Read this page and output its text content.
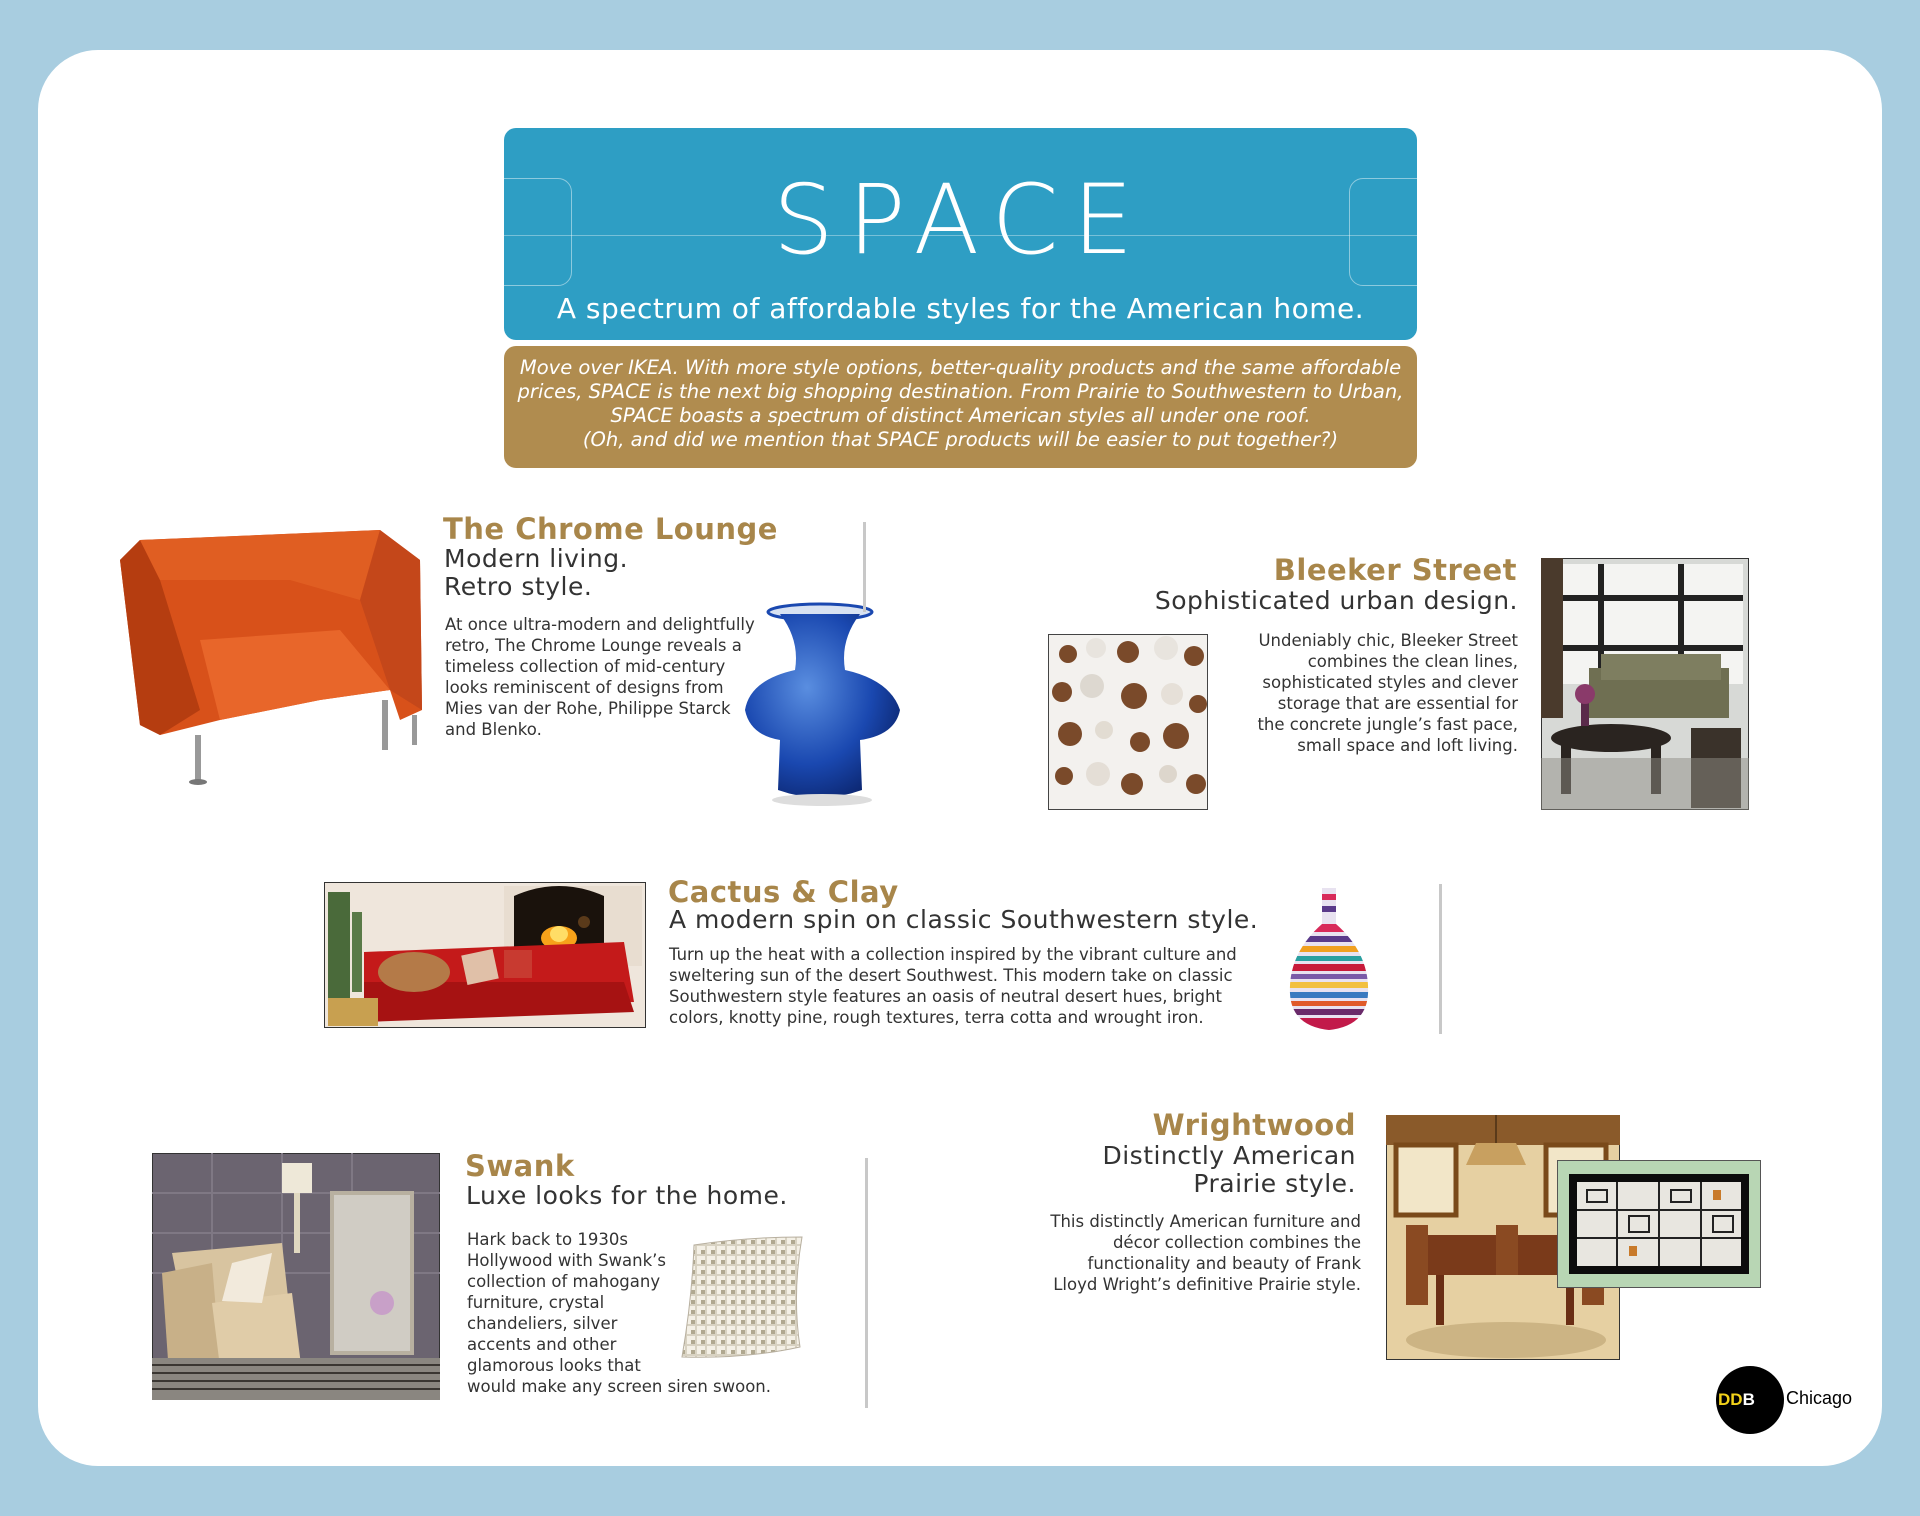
SPACE
A spectrum of affordable styles for the American home.
Move over IKEA. With more style options, better-quality products and the same affordable
prices, SPACE is the next big shopping destination. From Prairie to Southwestern to Urban,
SPACE boasts a spectrum of distinct American styles all under one roof.
(Oh, and did we mention that SPACE products will be easier to put together?)
The Chrome Lounge
Modern living.
Retro style.
At once ultra-modern and delightfully
retro, The Chrome Lounge reveals a
timeless collection of mid-century
looks reminiscent of designs from
Mies van der Rohe, Philippe Starck
and Blenko.
Bleeker Street
Sophisticated urban design.
Undeniably chic, Bleeker Street
combines the clean lines,
sophisticated styles and clever
storage that are essential for
the concrete jungle’s fast pace,
small space and loft living.
Cactus & Clay
A modern spin on classic Southwestern style.
Turn up the heat with a collection inspired by the vibrant culture and
sweltering sun of the desert Southwest. This modern take on classic
Southwestern style features an oasis of neutral desert hues, bright
colors, knotty pine, rough textures, terra cotta and wrought iron.
Swank
Luxe looks for the home.
Hark back to 1930s
Hollywood with Swank’s
collection of mahogany
furniture, crystal
chandeliers, silver
accents and other
glamorous looks that
would make any screen siren swoon.
Wrightwood
Distinctly American
Prairie style.
This distinctly American furniture and
décor collection combines the
functionality and beauty of Frank
Lloyd Wright’s definitive Prairie style.
DDB	Chicago
